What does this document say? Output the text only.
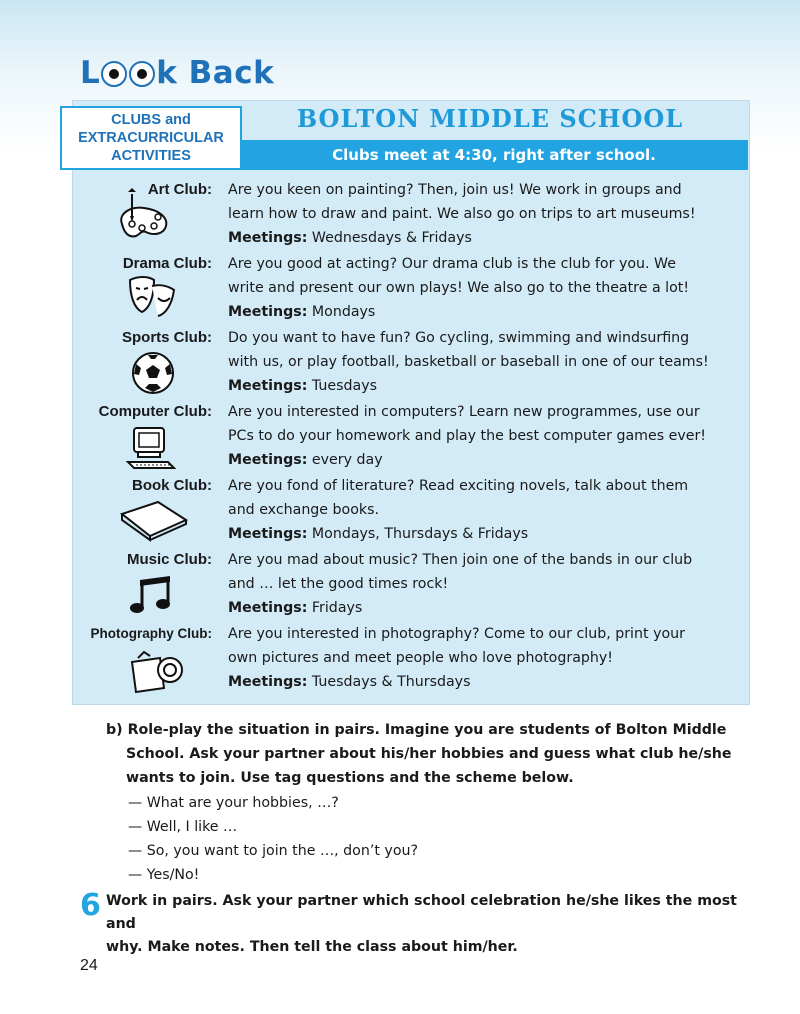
L k Back
BOLTON MIDDLE SCHOOL
Clubs meet at 4:30, right after school.
CLUBS and
EXTRACURRICULAR
ACTIVITIES
Art Club: Are you keen on painting? Then, join us! We work in groups and
learn how to draw and paint. We also go on trips to art museums!
Meetings: Wednesdays & Fridays
Drama Club: Are you good at acting? Our drama club is the club for you. We
write and present our own plays! We also go to the theatre a lot!
Meetings: Mondays
Sports Club: Do you want to have fun? Go cycling, swimming and windsurfing
with us, or play football, basketball or baseball in one of our teams!
Meetings: Tuesdays
Computer Club: Are you interested in computers? Learn new programmes, use our
PCs to do your homework and play the best computer games ever!
Meetings: every day
Book Club: Are you fond of literature? Read exciting novels, talk about them
and exchange books.
Meetings: Mondays, Thursdays & Fridays
Music Club: Are you mad about music? Then join one of the bands in our club
and … let the good times rock!
Meetings: Fridays
Photography Club: Are you interested in photography? Come to our club, print your
own pictures and meet people who love photography!
Meetings: Tuesdays & Thursdays
b) Role-play the situation in pairs. Imagine you are students of Bolton Middle
School. Ask your partner about his/her hobbies and guess what club he/she
wants to join. Use tag questions and the scheme below.
— What are your hobbies, …?
— Well, I like …
— So, you want to join the …, don’t you?
— Yes/No!
6 Work in pairs. Ask your partner which school celebration he/she likes the most and
why. Make notes. Then tell the class about him/her.
24
